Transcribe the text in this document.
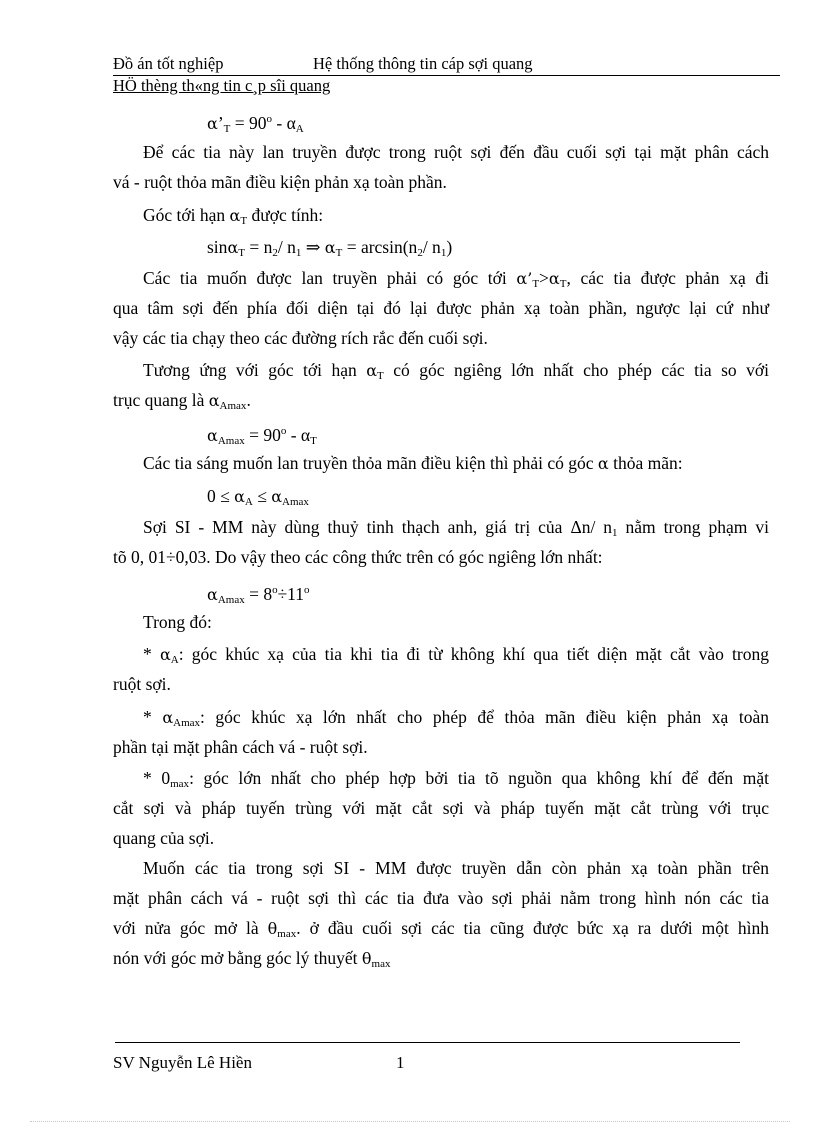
Đồ án tốt nghiệp	Hệ thống thông tin cáp sợi quang
HÖ thèng th«ng tin c¸p sîi quang
$\alpha’_T = 90^o - \alpha_A$
Để các tia này lan truyền được trong ruột sợi đến đầu cuối sợi tại mặt phân cách
vá - ruột thỏa mãn điều kiện phản xạ toàn phần.
Góc tới hạn $\alpha_T$ được tính:
$\sin\alpha_T = n_2/$ $n_1$ ⇒ $\alpha_T = \arcsin(n_2/$ $n_1$)
Các tia muốn được lan truyền phải có góc tới $\alpha’_T>\alpha_T$, các tia được phản xạ đi
qua tâm sợi đến phía đối diện tại đó lại được phản xạ toàn phần, ngược lại cứ như
vậy các tia chạy theo các đường rích rắc đến cuối sợi.
Tương ứng với góc tới hạn $\alpha_T$ có góc ngiêng lớn nhất cho phép các tia so với
trục quang là $\alpha_{Amax}$.
$\alpha_{Amax} = 90^o - \alpha_T$
Các tia sáng muốn lan truyền thỏa mãn điều kiện thì phải có góc α thỏa mãn:
$0 \le \alpha_A \le \alpha_{Amax}$
Sợi SI - MM này dùng thuỷ tinh thạch anh, giá trị của Δn/ $n_1$ nằm trong phạm vi
tõ 0, 01÷0,03. Do vậy theo các công thức trên có góc ngiêng lớn nhất:
$\alpha_{Amax} = 8^o\div 11^o$
Trong đó:
* $\alpha_A$: góc khúc xạ của tia khi tia đi từ không khí qua tiết diện mặt cắt vào trong
ruột sợi.
* $\alpha_{Amax}$: góc khúc xạ lớn nhất cho phép để thỏa mãn điều kiện phản xạ toàn
phần tại mặt phân cách vá - ruột sợi.
* $0_{max}$: góc lớn nhất cho phép hợp bởi tia tõ nguồn qua không khí để đến mặt
cắt sợi và pháp tuyến trùng với mặt cắt sợi và pháp tuyến mặt cắt trùng với trục
quang của sợi.
Muốn các tia trong sợi SI - MM được truyền dẫn còn phản xạ toàn phần trên
mặt phân cách vá - ruột sợi thì các tia đưa vào sợi phải nằm trong hình nón các tia
với nửa góc mở là $\theta_{max}$. ở đầu cuối sợi các tia cũng được bức xạ ra dưới một hình
nón với góc mở bằng góc lý thuyết $\theta_{max}$
SV Nguyễn Lê Hiền	1
